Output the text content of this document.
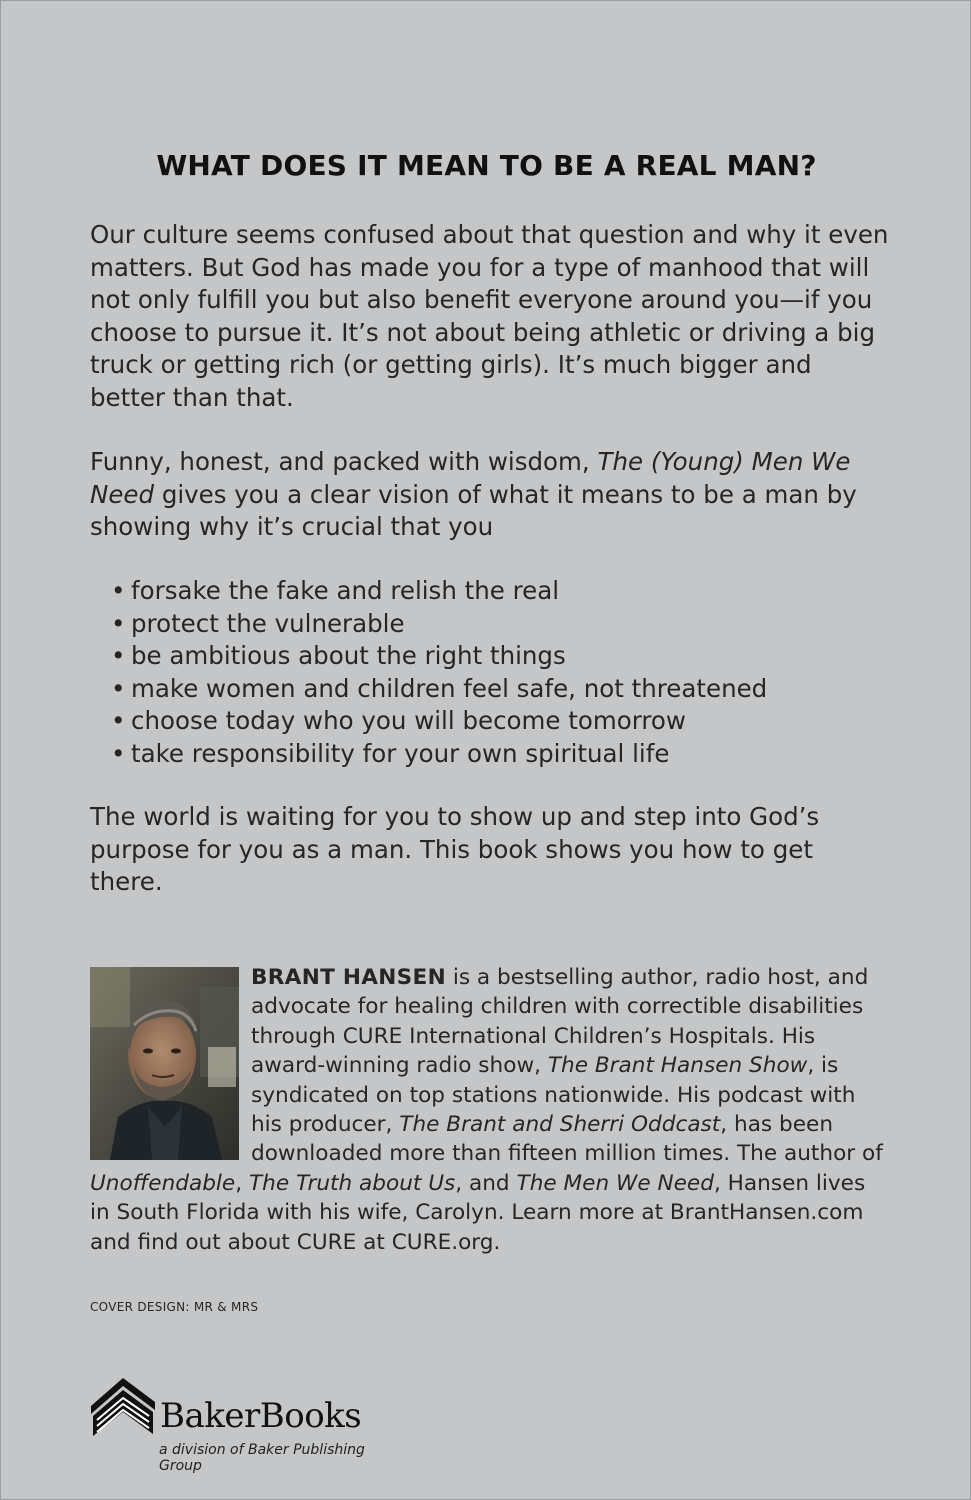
WHAT DOES IT MEAN TO BE A REAL MAN?

Our culture seems confused about that question and why it even matters. But God has made you for a type of manhood that will not only fulfill you but also benefit everyone around you—if you choose to pursue it. It’s not about being athletic or driving a big truck or getting rich (or getting girls). It’s much bigger and better than that.

Funny, honest, and packed with wisdom, The (Young) Men We Need gives you a clear vision of what it means to be a man by showing why it’s crucial that you

• forsake the fake and relish the real
• protect the vulnerable
• be ambitious about the right things
• make women and children feel safe, not threatened
• choose today who you will become tomorrow
• take responsibility for your own spiritual life

The world is waiting for you to show up and step into God’s purpose for you as a man. This book shows you how to get there.

BRANT HANSEN is a bestselling author, radio host, and advocate for healing children with correctible disabilities through CURE International Children’s Hospitals. His award-winning radio show, The Brant Hansen Show, is syndicated on top stations nationwide. His podcast with his producer, The Brant and Sherri Oddcast, has been downloaded more than fifteen million times. The author of Unoffendable, The Truth about Us, and The Men We Need, Hansen lives in South Florida with his wife, Carolyn. Learn more at BrantHansen.com and find out about CURE at CURE.org.

COVER DESIGN: MR & MRS
BakerBooks
a division of Baker Publishing Group
